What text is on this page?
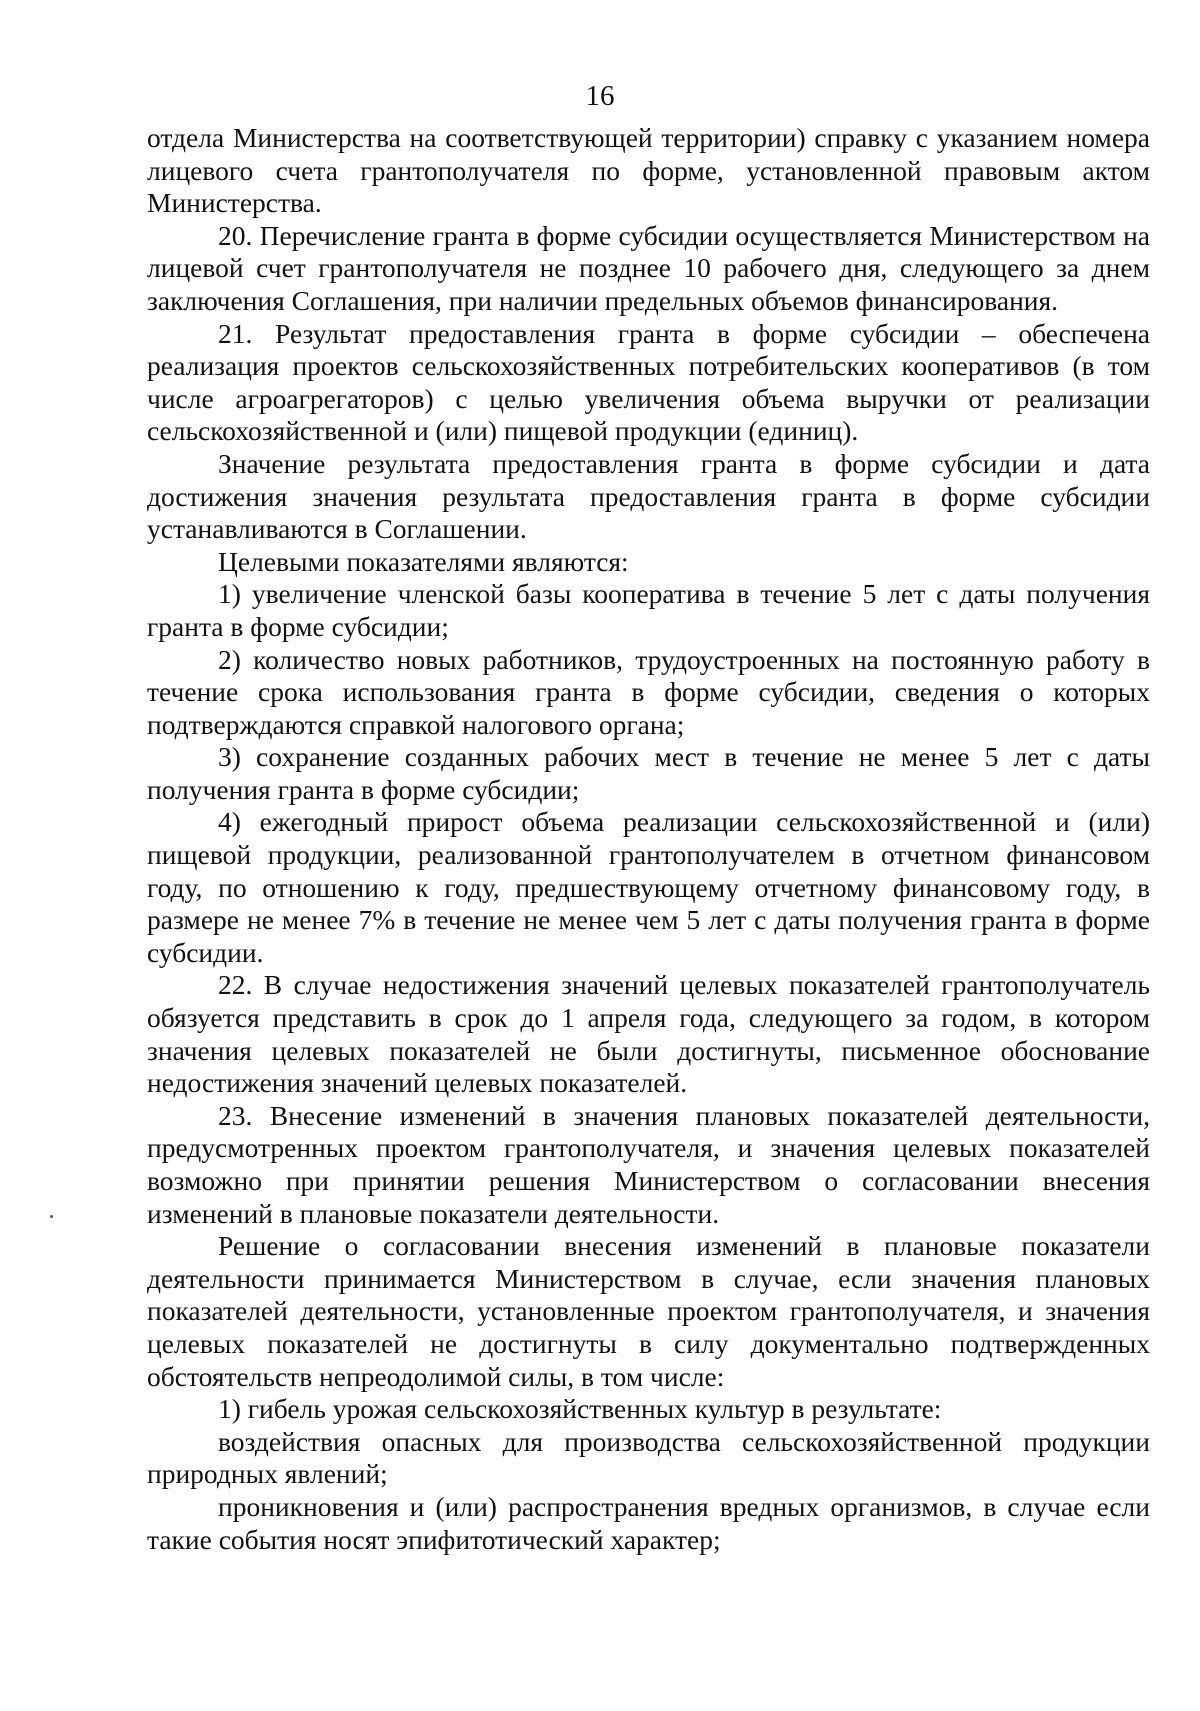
16

отдела Министерства на соответствующей территории) справку с указанием номера лицевого счета грантополучателя по форме, установленной правовым актом Министерства.

20. Перечисление гранта в форме субсидии осуществляется Министерством на лицевой счет грантополучателя не позднее 10 рабочего дня, следующего за днем заключения Соглашения, при наличии предельных объемов финансирования.

21. Результат предоставления гранта в форме субсидии – обеспечена реализация проектов сельскохозяйственных потребительских кооперативов (в том числе агроагрегаторов) с целью увеличения объема выручки от реализации сельскохозяйственной и (или) пищевой продукции (единиц).

Значение результата предоставления гранта в форме субсидии и дата достижения значения результата предоставления гранта в форме субсидии устанавливаются в Соглашении.

Целевыми показателями являются:

1) увеличение членской базы кооператива в течение 5 лет с даты получения гранта в форме субсидии;

2) количество новых работников, трудоустроенных на постоянную работу в течение срока использования гранта в форме субсидии, сведения о которых подтверждаются справкой налогового органа;

3) сохранение созданных рабочих мест в течение не менее 5 лет с даты получения гранта в форме субсидии;

4) ежегодный прирост объема реализации сельскохозяйственной и (или) пищевой продукции, реализованной грантополучателем в отчетном финансовом году, по отношению к году, предшествующему отчетному финансовому году, в размере не менее 7% в течение не менее чем 5 лет с даты получения гранта в форме субсидии.

22. В случае недостижения значений целевых показателей грантополучатель обязуется представить в срок до 1 апреля года, следующего за годом, в котором значения целевых показателей не были достигнуты, письменное обоснование недостижения значений целевых показателей.

23. Внесение изменений в значения плановых показателей деятельности, предусмотренных проектом грантополучателя, и значения целевых показателей возможно при принятии решения Министерством о согласовании внесения изменений в плановые показатели деятельности.

Решение о согласовании внесения изменений в плановые показатели деятельности принимается Министерством в случае, если значения плановых показателей деятельности, установленные проектом грантополучателя, и значения целевых показателей не достигнуты в силу документально подтвержденных обстоятельств непреодолимой силы, в том числе:

1) гибель урожая сельскохозяйственных культур в результате:

воздействия опасных для производства сельскохозяйственной продукции природных явлений;

проникновения и (или) распространения вредных организмов, в случае если такие события носят эпифитотический характер;
